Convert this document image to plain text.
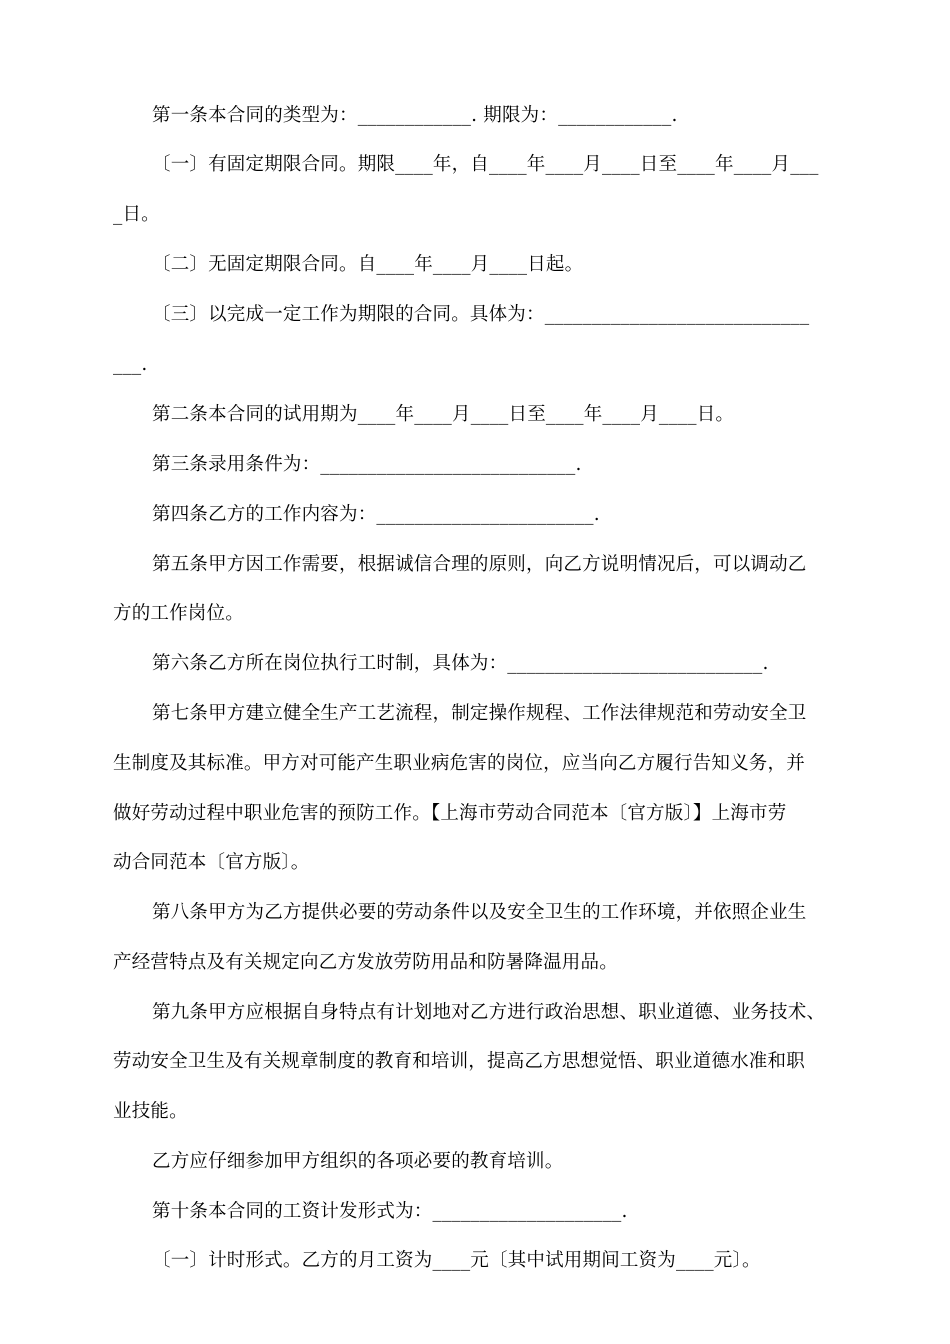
第一条本合同的类型为：____________. 期限为：____________.
〔一〕有固定期限合同。期限____年，自____年____月____日至____年____月___
_日。
〔二〕无固定期限合同。自____年____月____日起。
〔三〕以完成一定工作为期限的合同。具体为：____________________________
___.
第二条本合同的试用期为____年____月____日至____年____月____日。
第三条录用条件为：___________________________.
第四条乙方的工作内容为：_______________________.
第五条甲方因工作需要，根据诚信合理的原则，向乙方说明情况后，可以调动乙
方的工作岗位。
第六条乙方所在岗位执行工时制，具体为：___________________________.
第七条甲方建立健全生产工艺流程，制定操作规程、工作法律规范和劳动安全卫
生制度及其标准。甲方对可能产生职业病危害的岗位，应当向乙方履行告知义务，并
做好劳动过程中职业危害的预防工作。【上海市劳动合同范本〔官方版〕】上海市劳
动合同范本〔官方版〕。
第八条甲方为乙方提供必要的劳动条件以及安全卫生的工作环境，并依照企业生
产经营特点及有关规定向乙方发放劳防用品和防暑降温用品。
第九条甲方应根据自身特点有计划地对乙方进行政治思想、职业道德、业务技术、
劳动安全卫生及有关规章制度的教育和培训，提高乙方思想觉悟、职业道德水准和职
业技能。
乙方应仔细参加甲方组织的各项必要的教育培训。
第十条本合同的工资计发形式为：____________________.
〔一〕计时形式。乙方的月工资为____元〔其中试用期间工资为____元〕。
